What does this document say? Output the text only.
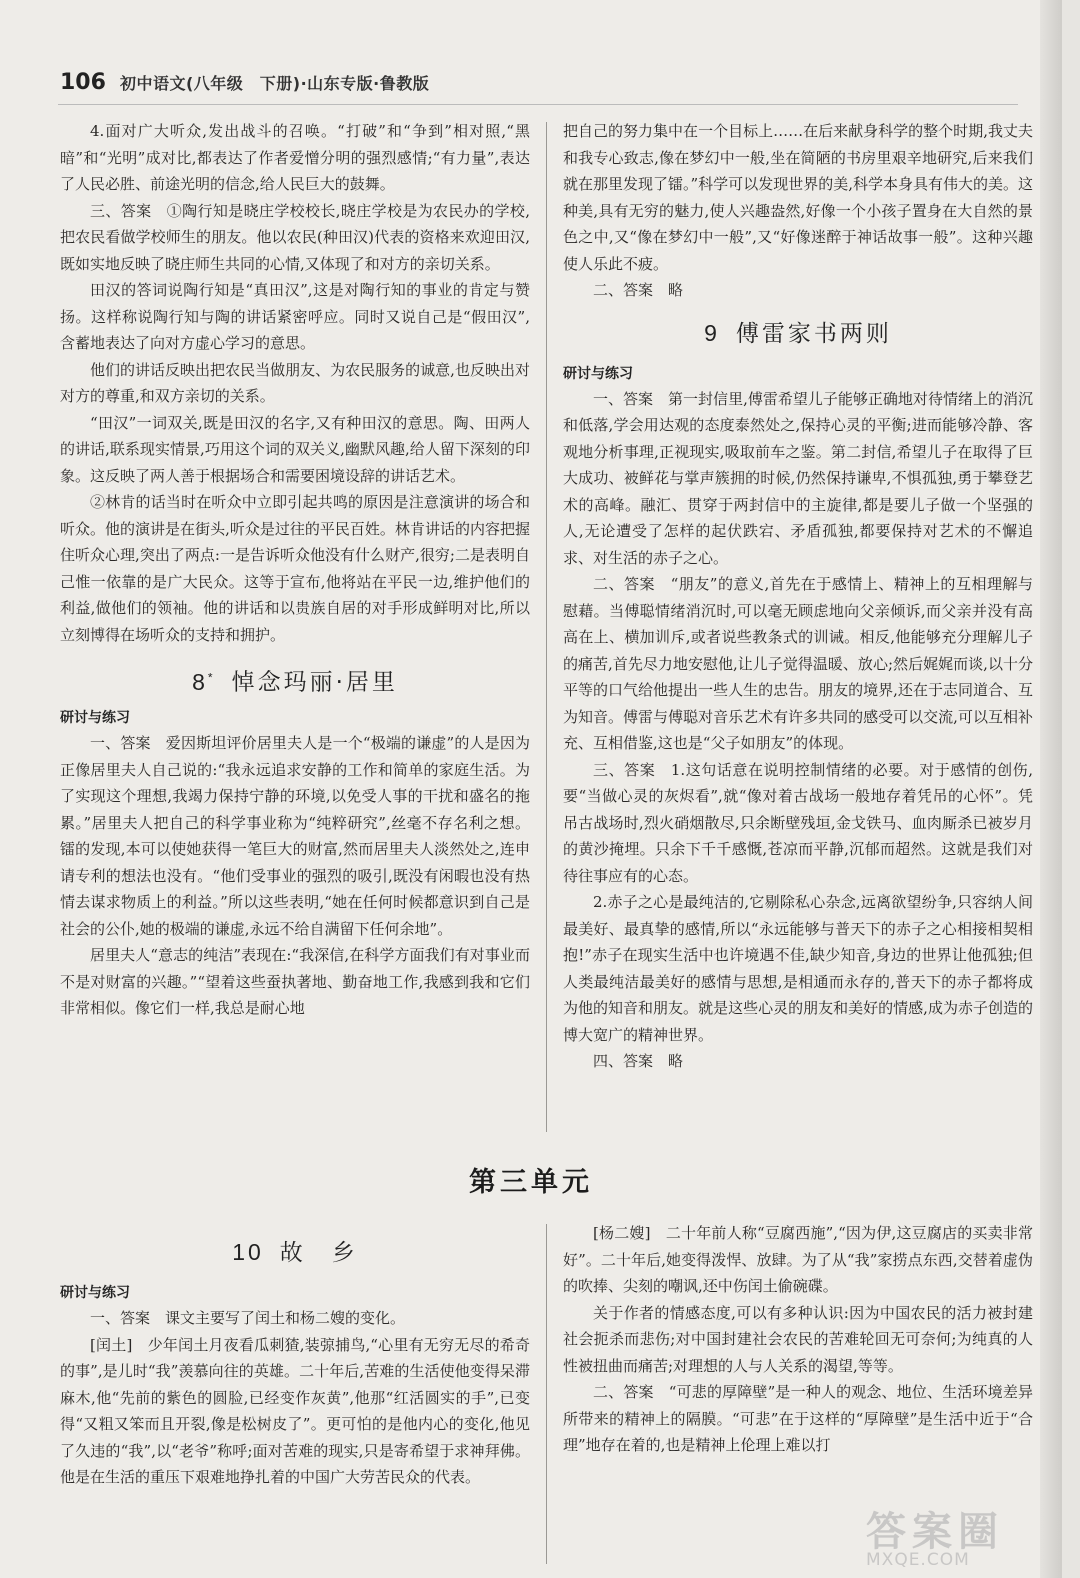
106 初中语文(八年级　下册)·山东专版·鲁教版

4.面对广大听众,发出战斗的召唤。“打破”和“争到”相对照,“黑暗”和“光明”成对比,都表达了作者爱憎分明的强烈感情;“有力量”,表达了人民必胜、前途光明的信念,给人民巨大的鼓舞。

三、答案　①陶行知是晓庄学校校长,晓庄学校是为农民办的学校,把农民看做学校师生的朋友。他以农民(种田汉)代表的资格来欢迎田汉,既如实地反映了晓庄师生共同的心情,又体现了和对方的亲切关系。

田汉的答词说陶行知是“真田汉”,这是对陶行知的事业的肯定与赞扬。这样称说陶行知与陶的讲话紧密呼应。同时又说自己是“假田汉”,含蓄地表达了向对方虚心学习的意思。

他们的讲话反映出把农民当做朋友、为农民服务的诚意,也反映出对对方的尊重,和双方亲切的关系。

“田汉”一词双关,既是田汉的名字,又有种田汉的意思。陶、田两人的讲话,联系现实情景,巧用这个词的双关义,幽默风趣,给人留下深刻的印象。这反映了两人善于根据场合和需要困境设辞的讲话艺术。

②林肯的话当时在听众中立即引起共鸣的原因是注意演讲的场合和听众。他的演讲是在街头,听众是过往的平民百姓。林肯讲话的内容把握住听众心理,突出了两点:一是告诉听众他没有什么财产,很穷;二是表明自己惟一依靠的是广大民众。这等于宣布,他将站在平民一边,维护他们的利益,做他们的领袖。他的讲话和以贵族自居的对手形成鲜明对比,所以立刻博得在场听众的支持和拥护。

8* 悼念玛丽·居里

研讨与练习

一、答案　爱因斯坦评价居里夫人是一个“极端的谦虚”的人是因为正像居里夫人自己说的:“我永远追求安静的工作和简单的家庭生活。为了实现这个理想,我竭力保持宁静的环境,以免受人事的干扰和盛名的拖累。”居里夫人把自己的科学事业称为“纯粹研究”,丝毫不存名利之想。镭的发现,本可以使她获得一笔巨大的财富,然而居里夫人淡然处之,连申请专利的想法也没有。“他们受事业的强烈的吸引,既没有闲暇也没有热情去谋求物质上的利益。”所以这些表明,“她在任何时候都意识到自己是社会的公仆,她的极端的谦虚,永远不给自满留下任何余地”。

居里夫人“意志的纯洁”表现在:“我深信,在科学方面我们有对事业而不是对财富的兴趣。”“望着这些蚕执著地、勤奋地工作,我感到我和它们非常相似。像它们一样,我总是耐心地

把自己的努力集中在一个目标上……在后来献身科学的整个时期,我丈夫和我专心致志,像在梦幻中一般,坐在简陋的书房里艰辛地研究,后来我们就在那里发现了镭。”科学可以发现世界的美,科学本身具有伟大的美。这种美,具有无穷的魅力,使人兴趣盎然,好像一个小孩子置身在大自然的景色之中,又“像在梦幻中一般”,又“好像迷醉于神话故事一般”。这种兴趣使人乐此不疲。

二、答案　略

9 傅雷家书两则

研讨与练习

一、答案　第一封信里,傅雷希望儿子能够正确地对待情绪上的消沉和低落,学会用达观的态度泰然处之,保持心灵的平衡;进而能够冷静、客观地分析事理,正视现实,吸取前车之鉴。第二封信,希望儿子在取得了巨大成功、被鲜花与掌声簇拥的时候,仍然保持谦卑,不惧孤独,勇于攀登艺术的高峰。融汇、贯穿于两封信中的主旋律,都是要儿子做一个坚强的人,无论遭受了怎样的起伏跌宕、矛盾孤独,都要保持对艺术的不懈追求、对生活的赤子之心。

二、答案　“朋友”的意义,首先在于感情上、精神上的互相理解与慰藉。当傅聪情绪消沉时,可以毫无顾虑地向父亲倾诉,而父亲并没有高高在上、横加训斥,或者说些教条式的训诫。相反,他能够充分理解儿子的痛苦,首先尽力地安慰他,让儿子觉得温暖、放心;然后娓娓而谈,以十分平等的口气给他提出一些人生的忠告。朋友的境界,还在于志同道合、互为知音。傅雷与傅聪对音乐艺术有许多共同的感受可以交流,可以互相补充、互相借鉴,这也是“父子如朋友”的体现。

三、答案　1.这句话意在说明控制情绪的必要。对于感情的创伤,要“当做心灵的灰烬看”,就“像对着古战场一般地存着凭吊的心怀”。凭吊古战场时,烈火硝烟散尽,只余断壁残垣,金戈铁马、血肉厮杀已被岁月的黄沙掩埋。只余下千千感慨,苍凉而平静,沉郁而超然。这就是我们对待往事应有的心态。

2.赤子之心是最纯洁的,它剔除私心杂念,远离欲望纷争,只容纳人间最美好、最真挚的感情,所以“永远能够与普天下的赤子之心相接相契相抱!”赤子在现实生活中也许境遇不佳,缺少知音,身边的世界让他孤独;但人类最纯洁最美好的感情与思想,是相通而永存的,普天下的赤子都将成为他的知音和朋友。就是这些心灵的朋友和美好的情感,成为赤子创造的博大宽广的精神世界。

四、答案　略

第三单元

10 故　乡

研讨与练习

一、答案　课文主要写了闰土和杨二嫂的变化。

[闰土]　少年闰土月夜看瓜刺猹,装弶捕鸟,“心里有无穷无尽的希奇的事”,是儿时“我”羡慕向往的英雄。二十年后,苦难的生活使他变得呆滞麻木,他“先前的紫色的圆脸,已经变作灰黄”,他那“红活圆实的手”,已变得“又粗又笨而且开裂,像是松树皮了”。更可怕的是他内心的变化,他见了久违的“我”,以“老爷”称呼;面对苦难的现实,只是寄希望于求神拜佛。他是在生活的重压下艰难地挣扎着的中国广大劳苦民众的代表。

[杨二嫂]　二十年前人称“豆腐西施”,“因为伊,这豆腐店的买卖非常好”。二十年后,她变得泼悍、放肆。为了从“我”家捞点东西,交替着虚伪的吹捧、尖刻的嘲讽,还中伤闰土偷碗碟。

关于作者的情感态度,可以有多种认识:因为中国农民的活力被封建社会扼杀而悲伤;对中国封建社会农民的苦难轮回无可奈何;为纯真的人性被扭曲而痛苦;对理想的人与人关系的渴望,等等。

二、答案　“可悲的厚障壁”是一种人的观念、地位、生活环境差异所带来的精神上的隔膜。“可悲”在于这样的“厚障壁”是生活中近于“合理”地存在着的,也是精神上伦理上难以打

答案圈
MXQE.COM
